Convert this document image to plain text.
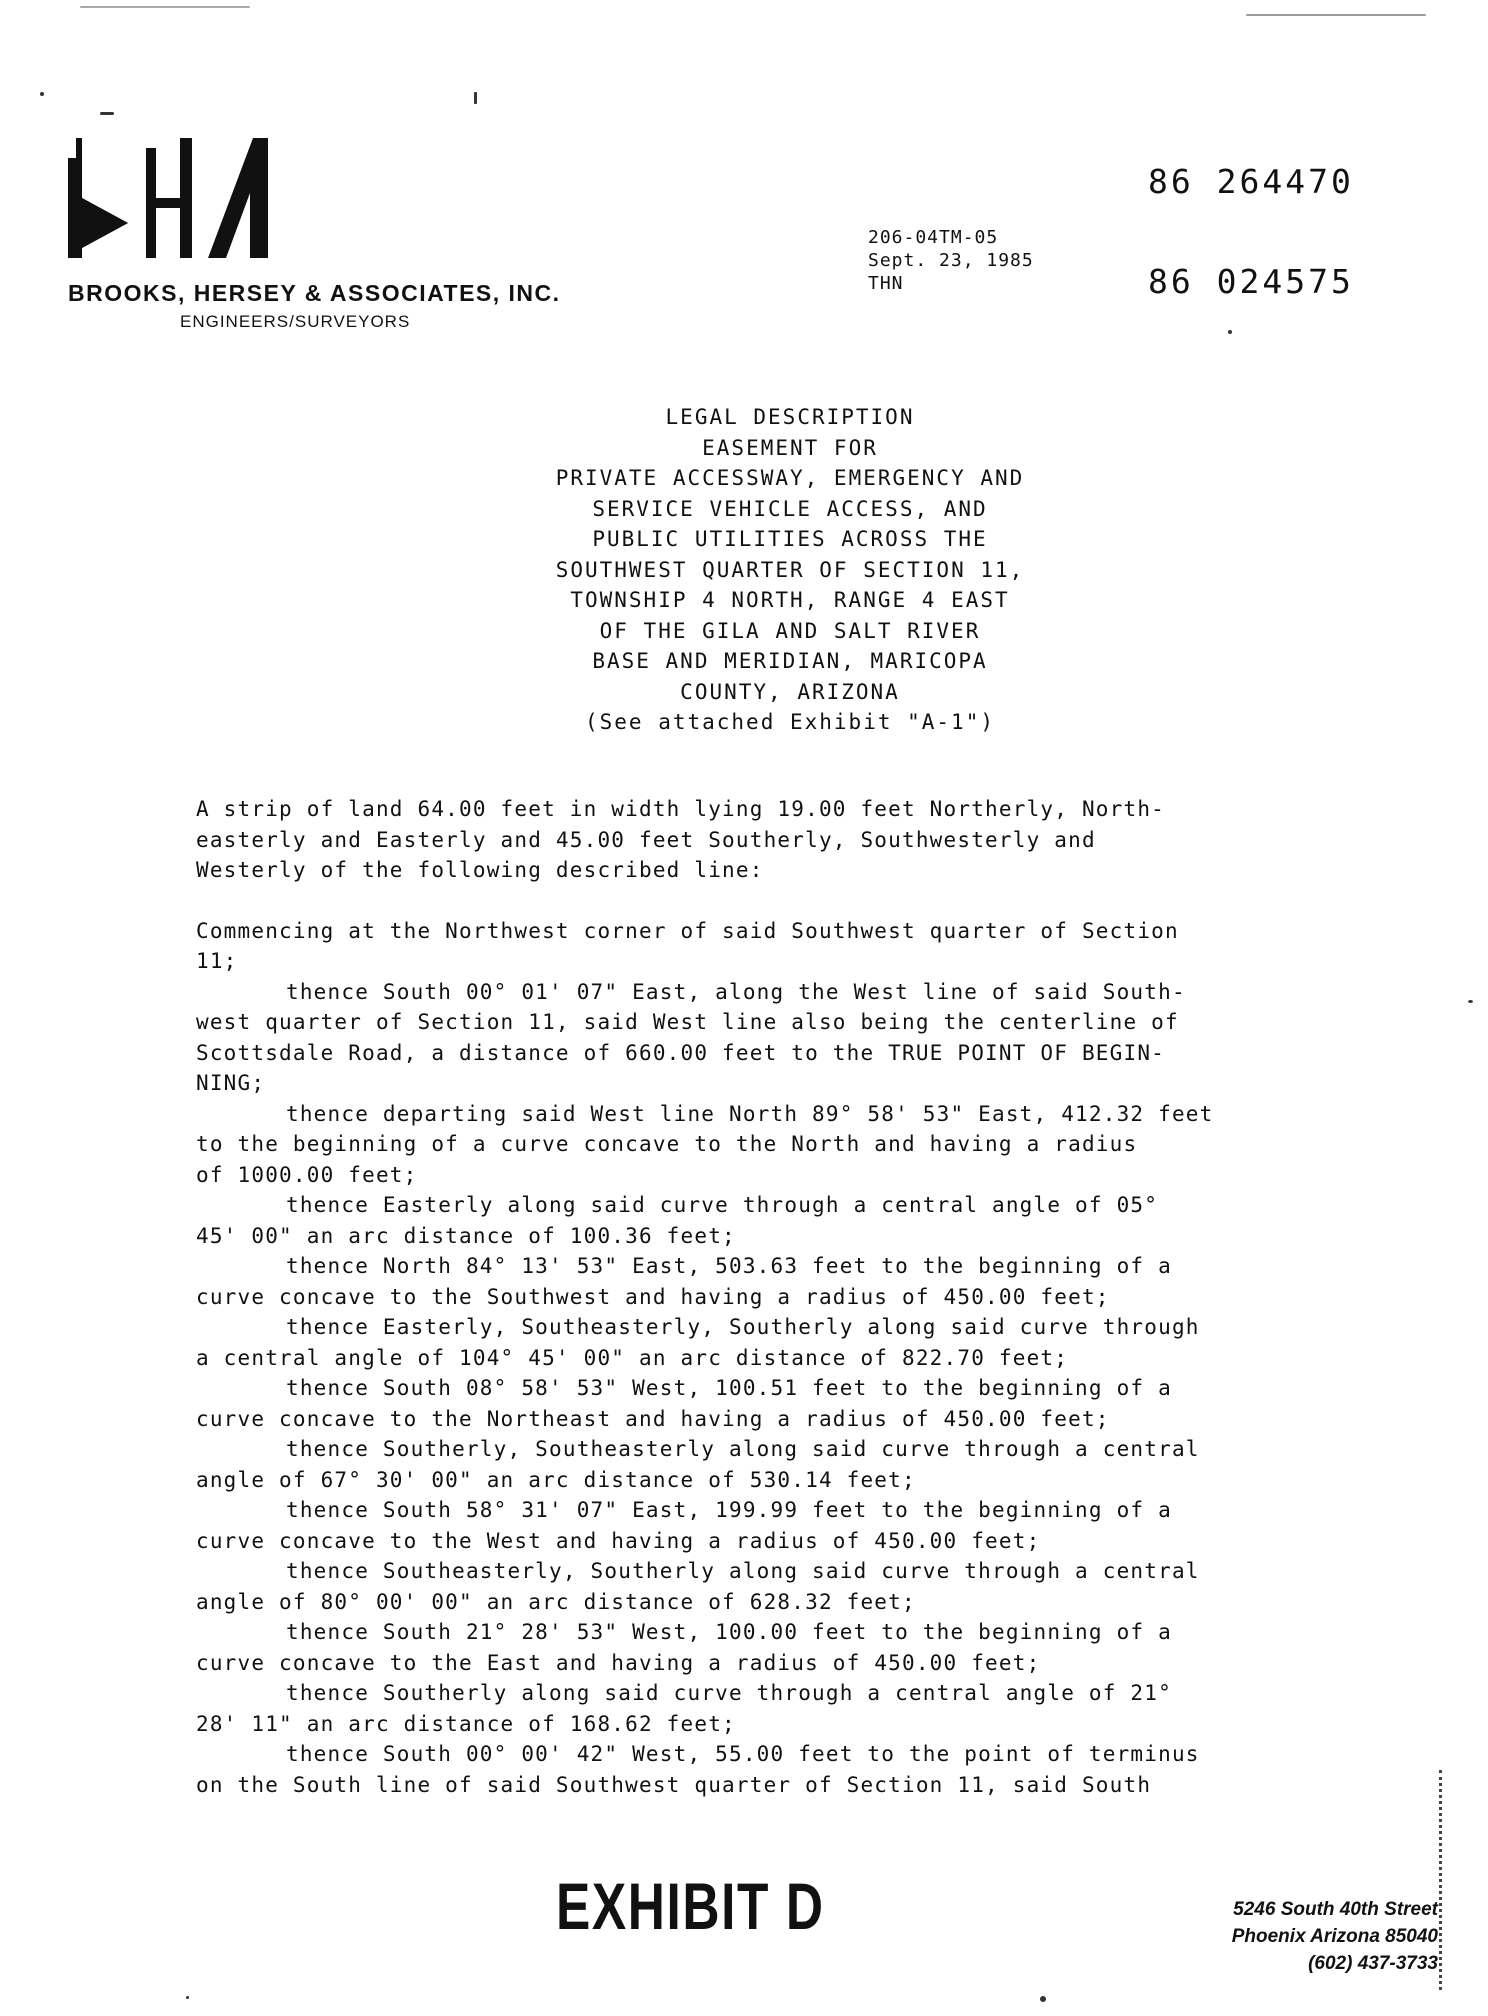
BROOKS, HERSEY & ASSOCIATES, INC.
ENGINEERS/SURVEYORS
206-04TM-05
Sept. 23, 1985
THN
86 264470
86 024575
LEGAL DESCRIPTION
EASEMENT FOR
PRIVATE ACCESSWAY, EMERGENCY AND
SERVICE VEHICLE ACCESS, AND
PUBLIC UTILITIES ACROSS THE
SOUTHWEST QUARTER OF SECTION 11,
TOWNSHIP 4 NORTH, RANGE 4 EAST
OF THE GILA AND SALT RIVER
BASE AND MERIDIAN, MARICOPA
COUNTY, ARIZONA
(See attached Exhibit "A-1")
A strip of land 64.00 feet in width lying 19.00 feet Northerly, North-
easterly and Easterly and 45.00 feet Southerly, Southwesterly and
Westerly of the following described line:
Commencing at the Northwest corner of said Southwest quarter of Section
11;
thence South 00° 01' 07" East, along the West line of said South-
west quarter of Section 11, said West line also being the centerline of
Scottsdale Road, a distance of 660.00 feet to the TRUE POINT OF BEGIN-
NING;
thence departing said West line North 89° 58' 53" East, 412.32 feet
to the beginning of a curve concave to the North and having a radius
of 1000.00 feet;
thence Easterly along said curve through a central angle of 05°
45' 00" an arc distance of 100.36 feet;
thence North 84° 13' 53" East, 503.63 feet to the beginning of a
curve concave to the Southwest and having a radius of 450.00 feet;
thence Easterly, Southeasterly, Southerly along said curve through
a central angle of 104° 45' 00" an arc distance of 822.70 feet;
thence South 08° 58' 53" West, 100.51 feet to the beginning of a
curve concave to the Northeast and having a radius of 450.00 feet;
thence Southerly, Southeasterly along said curve through a central
angle of 67° 30' 00" an arc distance of 530.14 feet;
thence South 58° 31' 07" East, 199.99 feet to the beginning of a
curve concave to the West and having a radius of 450.00 feet;
thence Southeasterly, Southerly along said curve through a central
angle of 80° 00' 00" an arc distance of 628.32 feet;
thence South 21° 28' 53" West, 100.00 feet to the beginning of a
curve concave to the East and having a radius of 450.00 feet;
thence Southerly along said curve through a central angle of 21°
28' 11" an arc distance of 168.62 feet;
thence South 00° 00' 42" West, 55.00 feet to the point of terminus
on the South line of said Southwest quarter of Section 11, said South
EXHIBIT D	5246 South 40th Street
Phoenix Arizona 85040
(602) 437-3733
